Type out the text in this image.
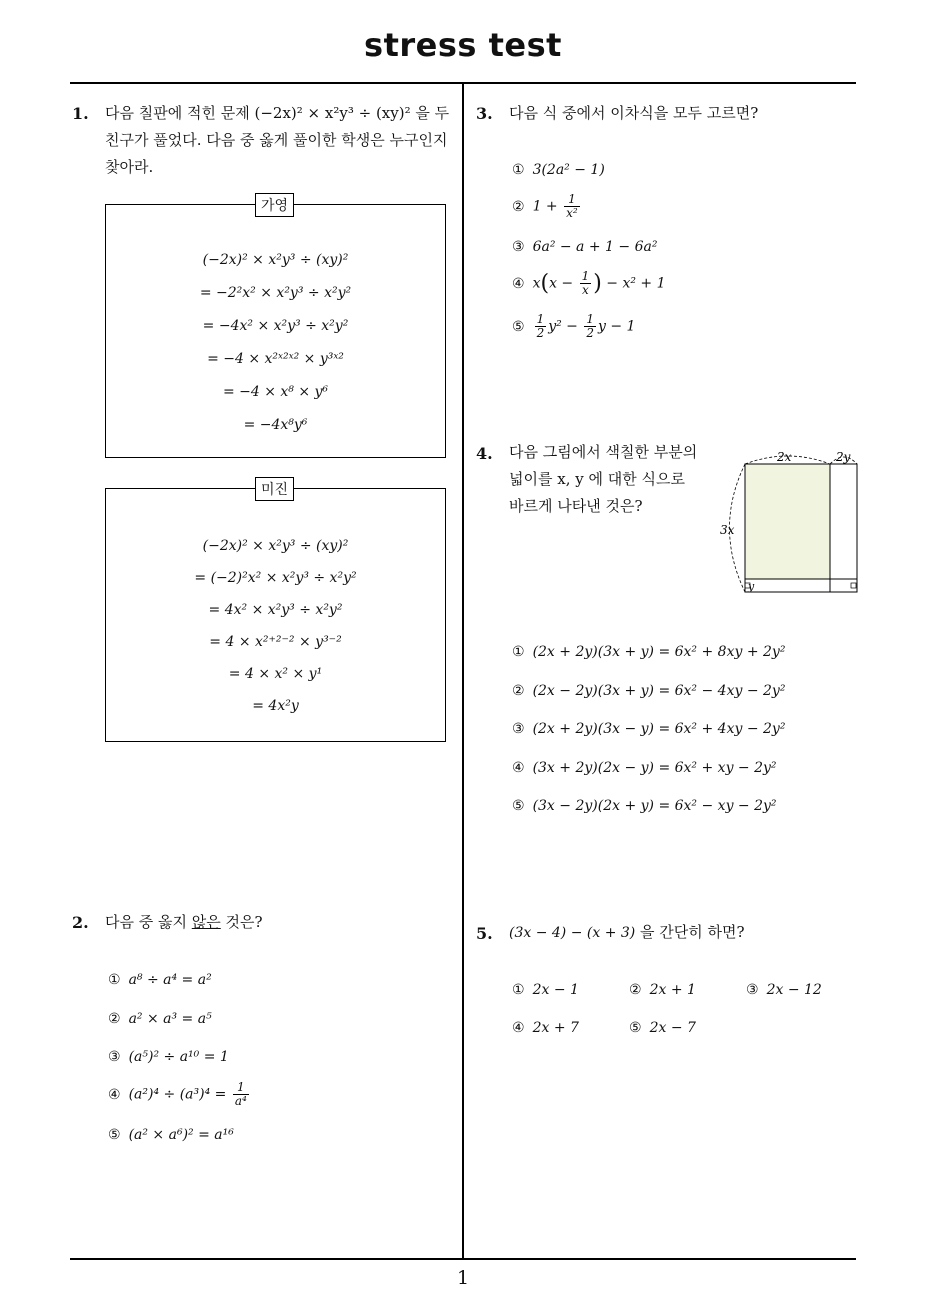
stress test
1
1. 다음 칠판에 적힌 문제 (−2x)² × x²y³ ÷ (xy)² 을 두
친구가 풀었다. 다음 중 옳게 풀이한 학생은 누구인지
찾아라.
가영
(−2x)² × x²y³ ÷ (xy)²
= −2²x² × x²y³ ÷ x²y²
= −4x² × x²y³ ÷ x²y²
= −4 × x²ˣ²ˣ² × y³ˣ²
= −4 × x⁸ × y⁶
= −4x⁸y⁶
미진
(−2x)² × x²y³ ÷ (xy)²
= (−2)²x² × x²y³ ÷ x²y²
= 4x² × x²y³ ÷ x²y²
= 4 × x²⁺²⁻² × y³⁻²
= 4 × x² × y¹
= 4x²y
2. 다음 중 옳지 않은 것은?
① a⁸ ÷ a⁴ = a²
② a² × a³ = a⁵
③ (a⁵)² ÷ a¹⁰ = 1
④ $(a^2)^4 \div (a^3)^4 = \frac{1}{\text{a⁴}}$
⑤ (a² × a⁶)² = a¹⁶
3. 다음 식 중에서 이차식을 모두 고르면?
① 3(2a² − 1)
② $1 + \frac{1}{\text{x²}}$
③ 6a² − a + 1 − 6a²
④ $x(x - \frac{1}{x}$ ) − x² + 1
⑤ $\frac{1}{2} y^2 - \frac{1}{2}$ y − 1
4. 다음 그림에서 색칠한 부분의
넓이를 x, y 에 대한 식으로
바르게 나타낸 것은?
2x	2y
3x
y
① (2x + 2y)(3x + y) = 6x² + 8xy + 2y²
② (2x − 2y)(3x + y) = 6x² − 4xy − 2y²
③ (2x + 2y)(3x − y) = 6x² + 4xy − 2y²
④ (3x + 2y)(2x − y) = 6x² + xy − 2y²
⑤ (3x − 2y)(2x + y) = 6x² − xy − 2y²
5. (3x − 4) − (x + 3) 을 간단히 하면?
① 2x − 1	② 2x + 1	③ 2x − 12
④ 2x + 7	⑤ 2x − 7
